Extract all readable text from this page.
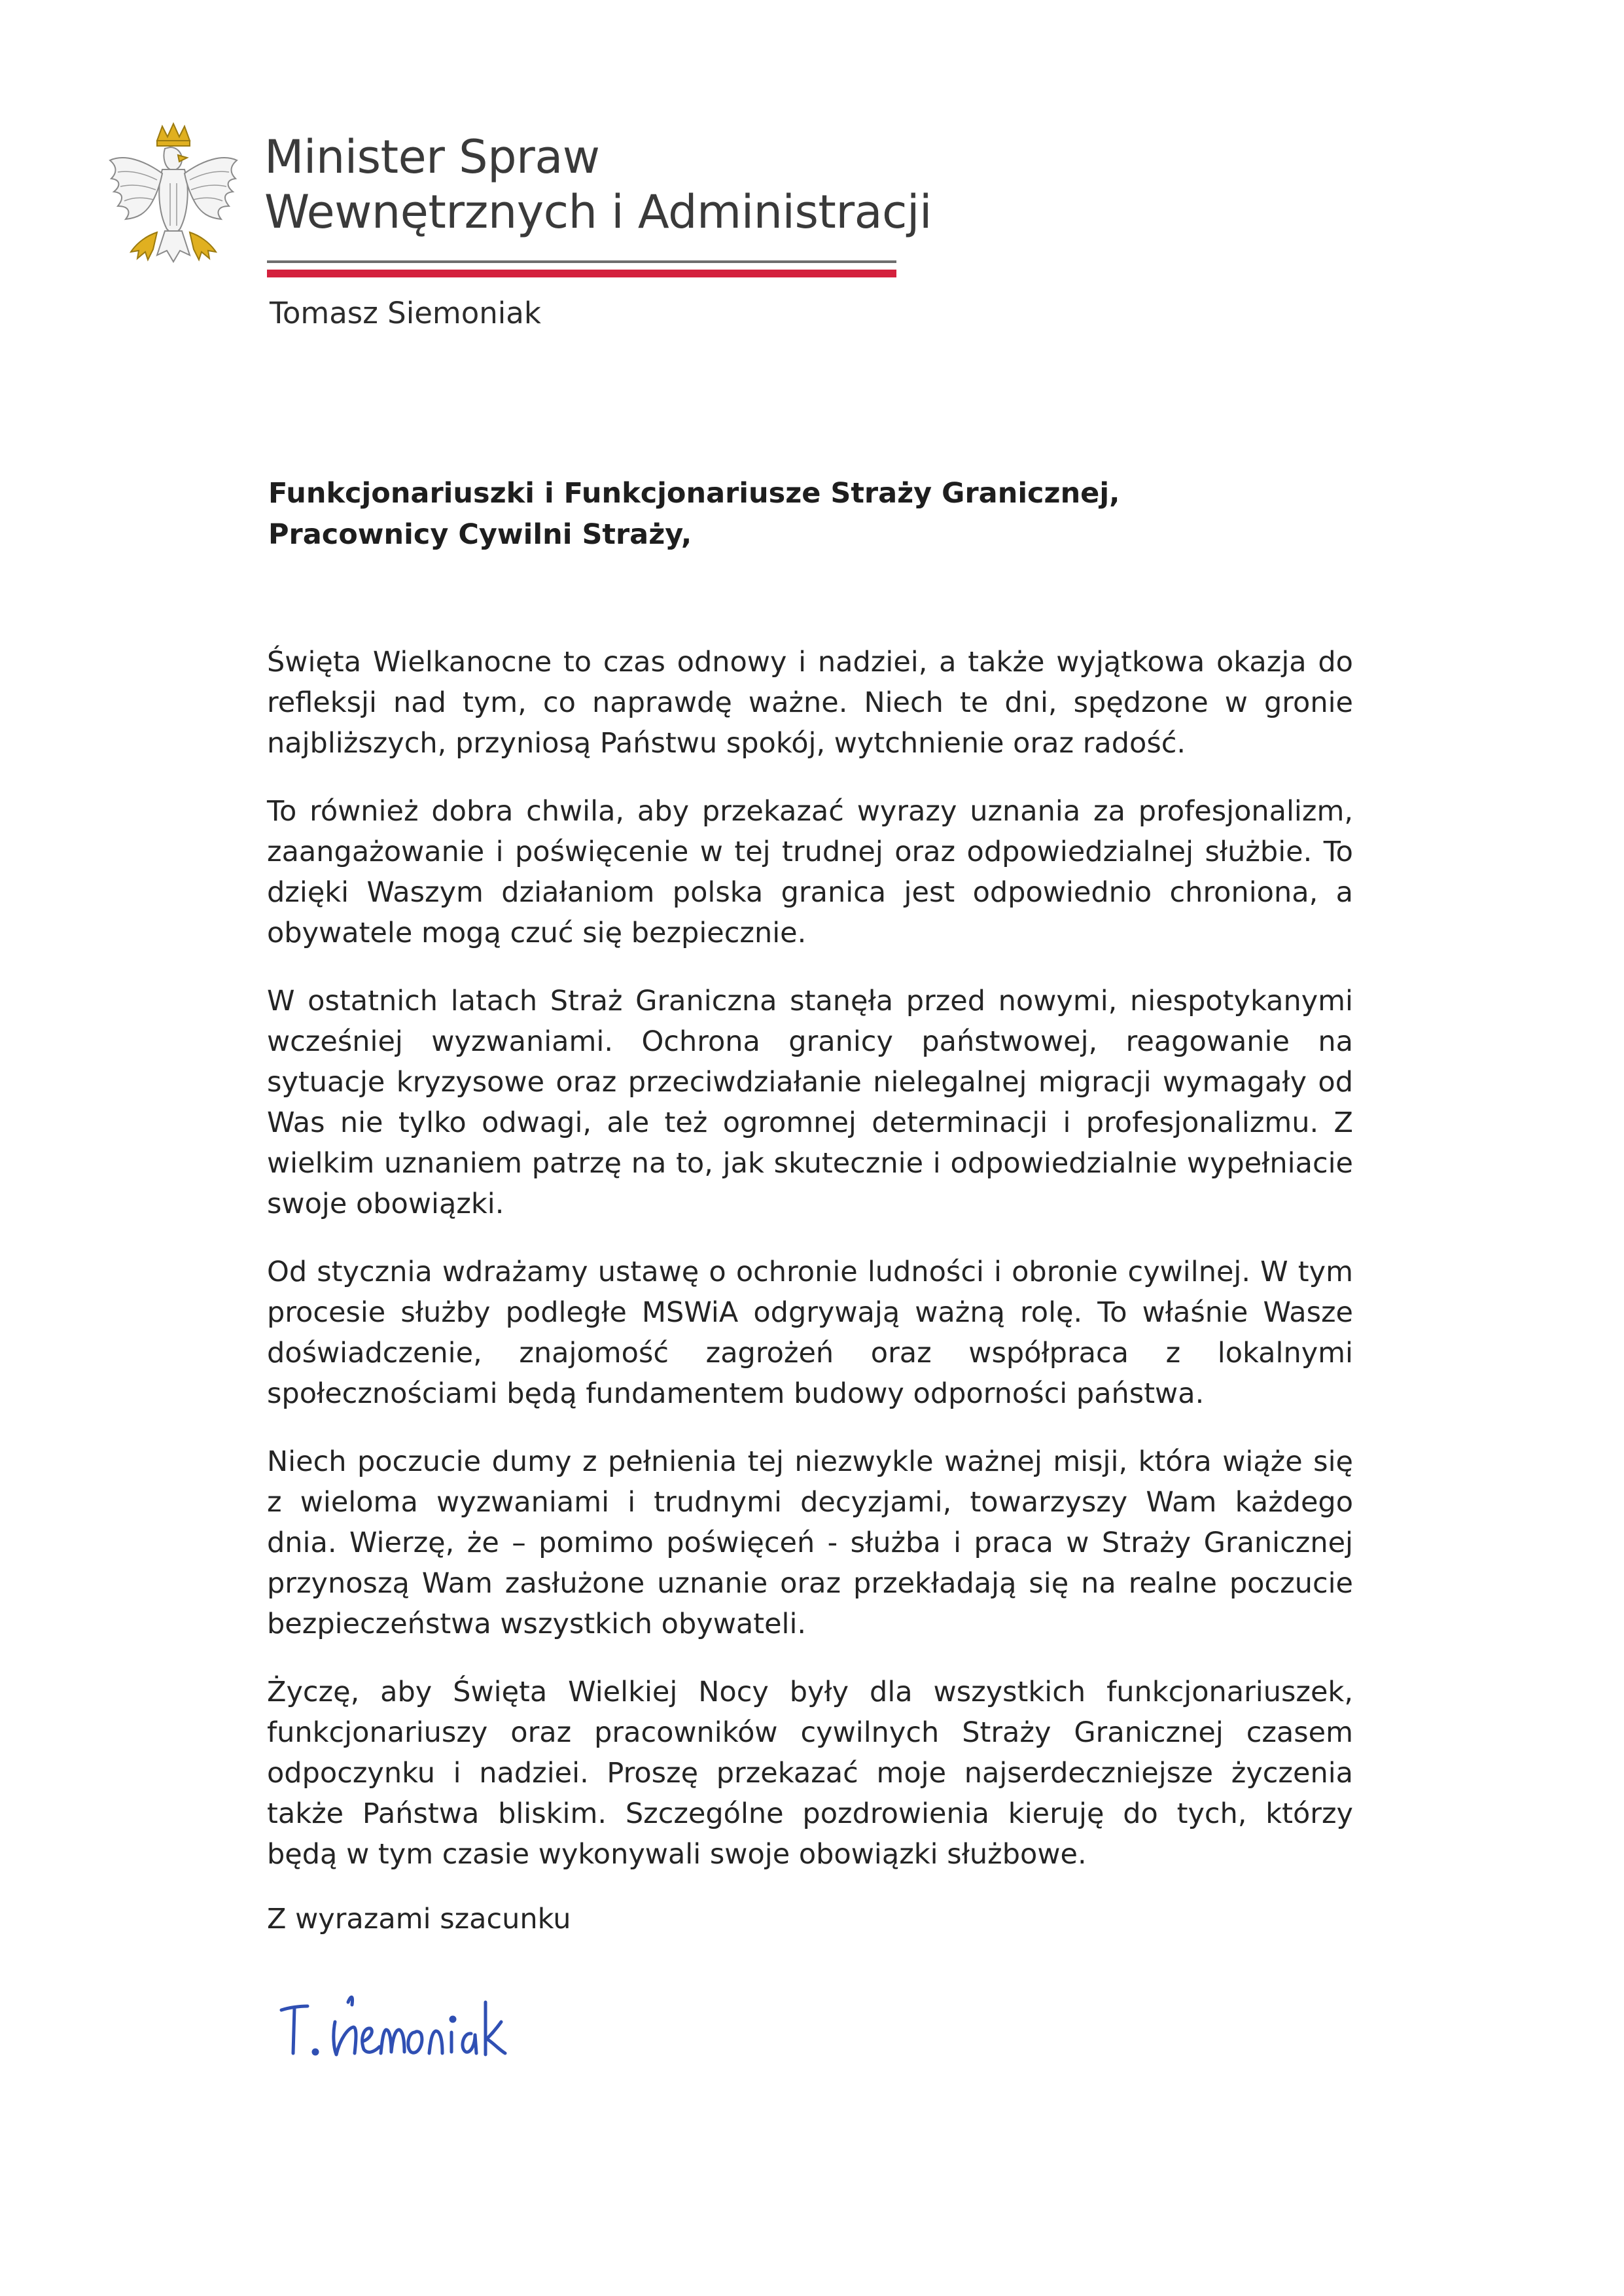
Minister Spraw
Wewnętrznych i Administracji
Tomasz Siemoniak
Funkcjonariuszki i Funkcjonariusze Straży Granicznej,
Pracownicy Cywilni Straży,

Święta Wielkanocne to czas odnowy i nadziei, a także wyjątkowa okazja do refleksji nad tym, co naprawdę ważne. Niech te dni, spędzone w gronie najbliższych, przyniosą Państwu spokój, wytchnienie oraz radość.

To również dobra chwila, aby przekazać wyrazy uznania za profesjonalizm, zaangażowanie i poświęcenie w tej trudnej oraz odpowiedzialnej służbie. To dzięki Waszym działaniom polska granica jest odpowiednio chroniona, a obywatele mogą czuć się bezpiecznie.

W ostatnich latach Straż Graniczna stanęła przed nowymi, niespotykanymi wcześniej wyzwaniami. Ochrona granicy państwowej, reagowanie na sytuacje kryzysowe oraz przeciwdziałanie nielegalnej migracji wymagały od Was nie tylko odwagi, ale też ogromnej determinacji i profesjonalizmu. Z wielkim uznaniem patrzę na to, jak skutecznie i odpowiedzialnie wypełniacie swoje obowiązki.

Od stycznia wdrażamy ustawę o ochronie ludności i obronie cywilnej. W tym procesie służby podległe MSWiA odgrywają ważną rolę. To właśnie Wasze doświadczenie, znajomość zagrożeń oraz współpraca z lokalnymi społecznościami będą fundamentem budowy odporności państwa.

Niech poczucie dumy z pełnienia tej niezwykle ważnej misji, która wiąże się z wieloma wyzwaniami i trudnymi decyzjami, towarzyszy Wam każdego dnia. Wierzę, że – pomimo poświęceń - służba i praca w Straży Granicznej przynoszą Wam zasłużone uznanie oraz przekładają się na realne poczucie bezpieczeństwa wszystkich obywateli.

Życzę, aby Święta Wielkiej Nocy były dla wszystkich funkcjonariuszek, funkcjonariuszy oraz pracowników cywilnych Straży Granicznej czasem odpoczynku i nadziei. Proszę przekazać moje najserdeczniejsze życzenia także Państwa bliskim. Szczególne pozdrowienia kieruję do tych, którzy będą w tym czasie wykonywali swoje obowiązki służbowe.

Z wyrazami szacunku
